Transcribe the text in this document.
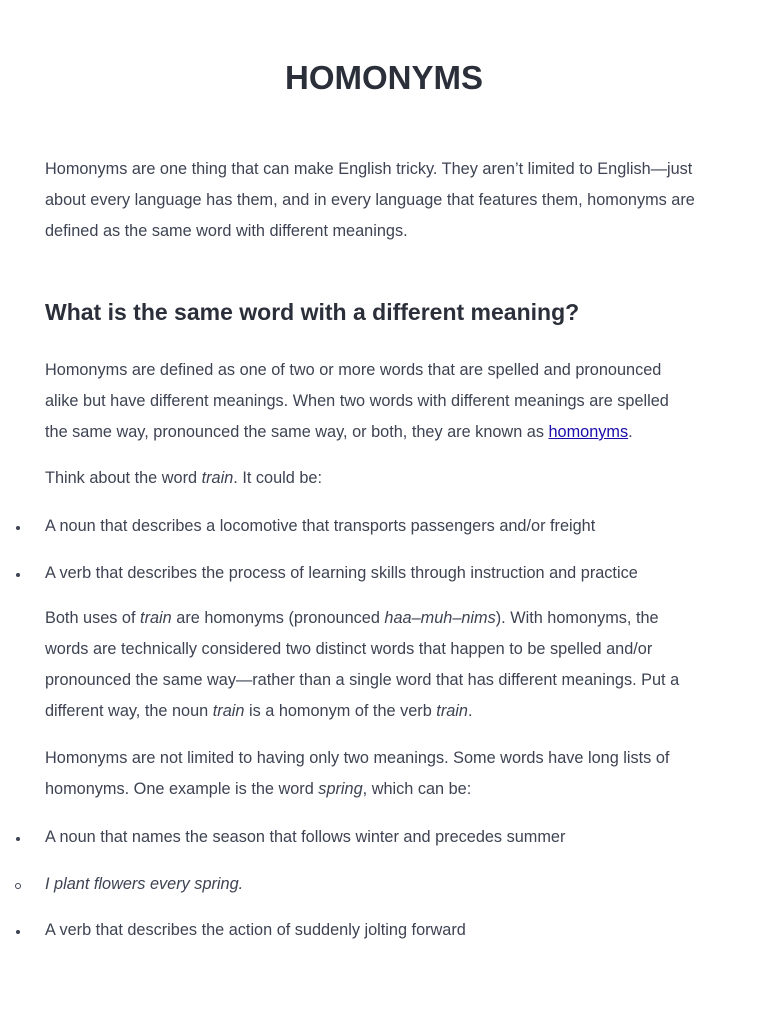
HOMONYMS

Homonyms are one thing that can make English tricky. They aren’t limited to English—just
about every language has them, and in every language that features them, homonyms are
defined as the same word with different meanings.

What is the same word with a different meaning?

Homonyms are defined as one of two or more words that are spelled and pronounced
alike but have different meanings. When two words with different meanings are spelled
the same way, pronounced the same way, or both, they are known as homonyms.

Think about the word train. It could be:

A noun that describes a locomotive that transports passengers and/or freight
A verb that describes the process of learning skills through instruction and practice

Both uses of train are homonyms (pronounced haa–muh–nims). With homonyms, the
words are technically considered two distinct words that happen to be spelled and/or
pronounced the same way—rather than a single word that has different meanings. Put a
different way, the noun train is a homonym of the verb train.

Homonyms are not limited to having only two meanings. Some words have long lists of
homonyms. One example is the word spring, which can be:

A noun that names the season that follows winter and precedes summer
I plant flowers every spring.
A verb that describes the action of suddenly jolting forward
